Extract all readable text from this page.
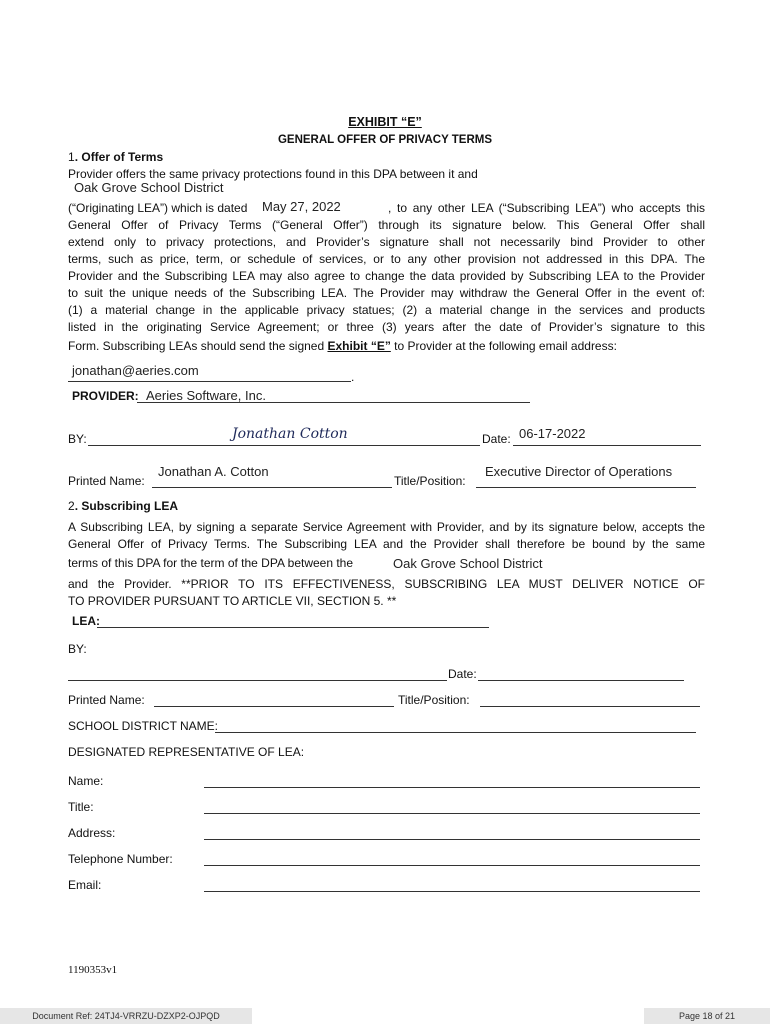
EXHIBIT “E”
GENERAL OFFER OF PRIVACY TERMS
1. Offer of Terms
Provider offers the same privacy protections found in this DPA between it and
Oak Grove School District
(“Originating LEA”) which is dated	May 27, 2022	, to any other LEA (“Subscribing LEA”) who accepts this
General Offer of Privacy Terms (“General Offer”) through its signature below. This General Offer shall
extend only to privacy protections, and Provider’s signature shall not necessarily bind Provider to other
terms, such as price, term, or schedule of services, or to any other provision not addressed in this DPA. The
Provider and the Subscribing LEA may also agree to change the data provided by Subscribing LEA to the Provider
to suit the unique needs of the Subscribing LEA. The Provider may withdraw the General Offer in the event of:
(1) a material change in the applicable privacy statues; (2) a material change in the services and products
listed in the originating Service Agreement; or three (3) years after the date of Provider’s signature to this
Form. Subscribing LEAs should send the signed Exhibit “E” to Provider at the following email address:
jonathan@aeries.com	.
PROVIDER: Aeries Software, Inc.
BY:	Jonathan Cotton	Date: 06-17-2022
Printed Name:
Jonathan A. Cotton
Title/Position:
Executive Director of Operations
2. Subscribing LEA
A Subscribing LEA, by signing a separate Service Agreement with Provider, and by its signature below, accepts the
General Offer of Privacy Terms. The Subscribing LEA and the Provider shall therefore be bound by the same
terms of this DPA for the term of the DPA between the	Oak Grove School District
and the Provider. **PRIOR TO ITS EFFECTIVENESS, SUBSCRIBING LEA MUST DELIVER NOTICE OF
TO PROVIDER PURSUANT TO ARTICLE VII, SECTION 5. **
LEA:
BY:
Date:
Printed Name:	Title/Position:
SCHOOL DISTRICT NAME:
DESIGNATED REPRESENTATIVE OF LEA:
Name:
Title:
Address:
Telephone Number:
Email:
1190353v1
Document Ref: 24TJ4-VRRZU-DZXP2-OJPQD	Page 18 of 21
